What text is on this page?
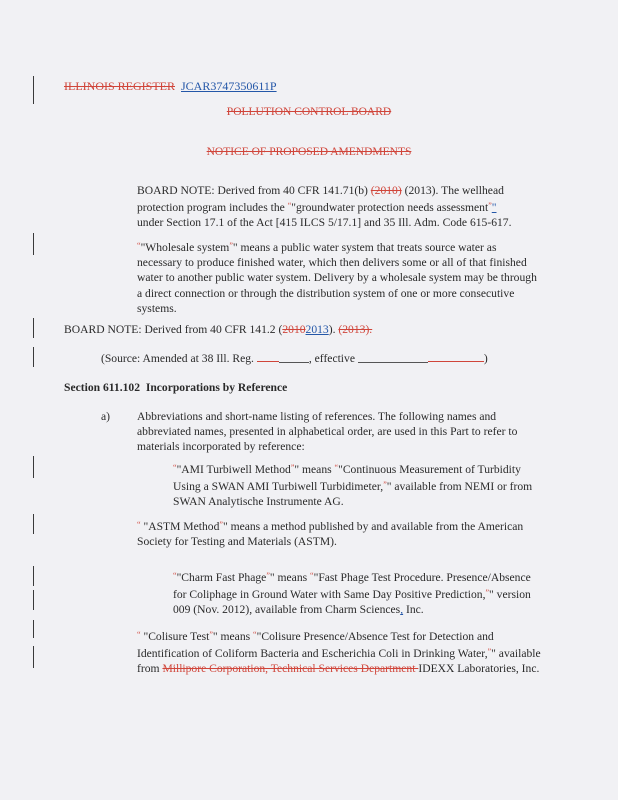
ILLINOIS REGISTER JCAR3747350611P
POLLUTION CONTROL BOARD
NOTICE OF PROPOSED AMENDMENTS
BOARD NOTE: Derived from 40 CFR 141.71(b) (2010) (2013). The wellhead protection program includes the “"groundwater protection needs assessment”"
under Section 17.1 of the Act [415 ILCS 5/17.1] and 35 Ill. Adm. Code 615-617.
“"Wholesale system”" means a public water system that treats source water as necessary to produce finished water, which then delivers some or all of that finished water to another public water system. Delivery by a wholesale system may be through a direct connection or through the distribution system of one or more consecutive systems.
BOARD NOTE: Derived from 40 CFR 141.2 (20102013). (2013).
(Source: Amended at 38 Ill. Reg.	, effective	)
Section 611.102 Incorporations by Reference
a) Abbreviations and short-name listing of references. The following names and abbreviated names, presented in alphabetical order, are used in this Part to refer to materials incorporated by reference:
“"AMI Turbiwell Method”" means “"Continuous Measurement of Turbidity Using a SWAN AMI Turbiwell Turbidimeter,”" available from NEMI or from SWAN Analytische Instrumente AG.
“ "ASTM Method”" means a method published by and available from the American Society for Testing and Materials (ASTM).
“"Charm Fast Phage”" means “"Fast Phage Test Procedure. Presence/Absence for Coliphage in Ground Water with Same Day Positive Prediction,”" version 009 (Nov. 2012), available from Charm Sciences, Inc.
“ "Colisure Test”" means “"Colisure Presence/Absence Test for Detection and Identification of Coliform Bacteria and Escherichia Coli in Drinking Water,”" available from Millipore Corporation, Technical Services Department IDEXX Laboratories, Inc.
